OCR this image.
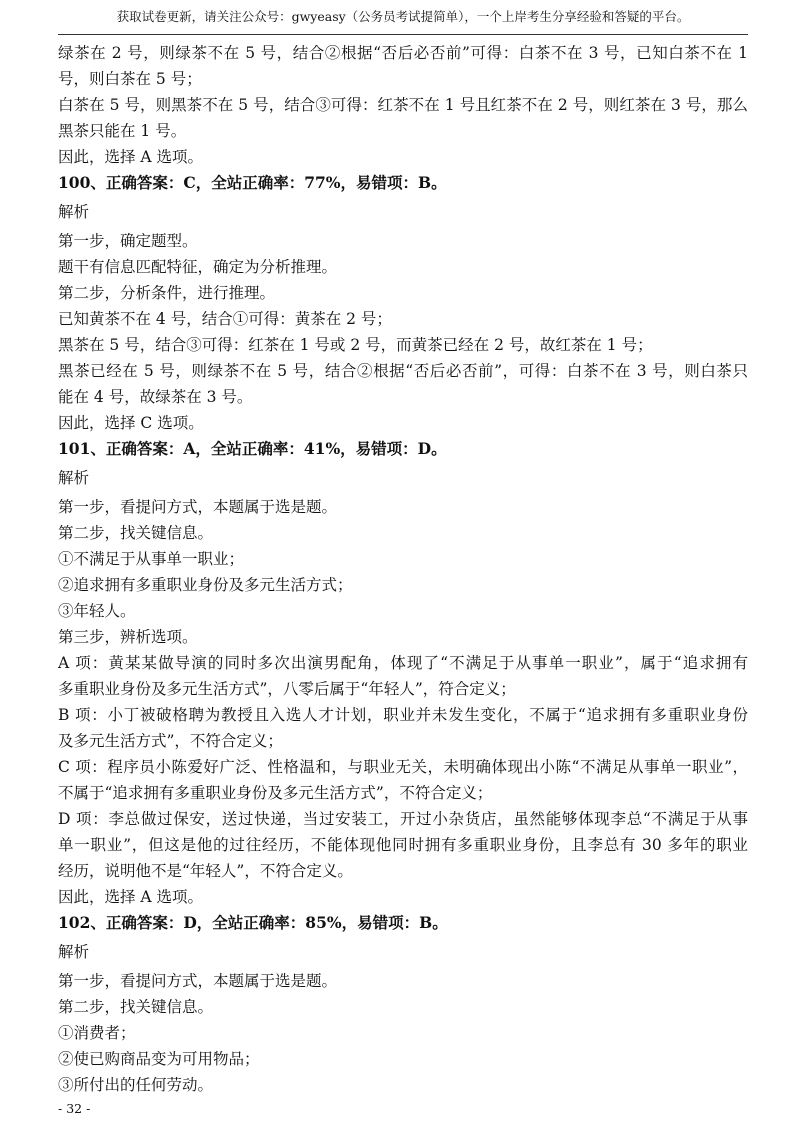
获取试卷更新，请关注公众号：gwyeasy（公务员考试提简单），一个上岸考生分享经验和答疑的平台。
绿茶在 2 号，则绿茶不在 5 号，结合②根据“否后必否前”可得：白茶不在 3 号，已知白茶不在 1
号，则白茶在 5 号；
白茶在 5 号，则黑茶不在 5 号，结合③可得：红茶不在 1 号且红茶不在 2 号，则红茶在 3 号，那么
黑茶只能在 1 号。
因此，选择 A 选项。
100、正确答案：C，全站正确率：77%，易错项：B。
解析
第一步，确定题型。
题干有信息匹配特征，确定为分析推理。
第二步，分析条件，进行推理。
已知黄茶不在 4 号，结合①可得：黄茶在 2 号；
黑茶在 5 号，结合③可得：红茶在 1 号或 2 号，而黄茶已经在 2 号，故红茶在 1 号；
黑茶已经在 5 号，则绿茶不在 5 号，结合②根据“否后必否前”，可得：白茶不在 3 号，则白茶只
能在 4 号，故绿茶在 3 号。
因此，选择 C 选项。
101、正确答案：A，全站正确率：41%，易错项：D。
解析
第一步，看提问方式，本题属于选是题。
第二步，找关键信息。
①不满足于从事单一职业；
②追求拥有多重职业身份及多元生活方式；
③年轻人。
第三步，辨析选项。
A 项：黄某某做导演的同时多次出演男配角，体现了“不满足于从事单一职业”，属于“追求拥有
多重职业身份及多元生活方式”，八零后属于“年轻人”，符合定义；
B 项：小丁被破格聘为教授且入选人才计划，职业并未发生变化，不属于“追求拥有多重职业身份
及多元生活方式”，不符合定义；
C 项：程序员小陈爱好广泛、性格温和，与职业无关，未明确体现出小陈“不满足从事单一职业”，
不属于“追求拥有多重职业身份及多元生活方式”，不符合定义；
D 项：李总做过保安，送过快递，当过安装工，开过小杂货店，虽然能够体现李总“不满足于从事
单一职业”，但这是他的过往经历，不能体现他同时拥有多重职业身份，且李总有 30 多年的职业
经历，说明他不是“年轻人”，不符合定义。
因此，选择 A 选项。
102、正确答案：D，全站正确率：85%，易错项：B。
解析
第一步，看提问方式，本题属于选是题。
第二步，找关键信息。
①消费者；
②使已购商品变为可用物品；
③所付出的任何劳动。
- 32 -
